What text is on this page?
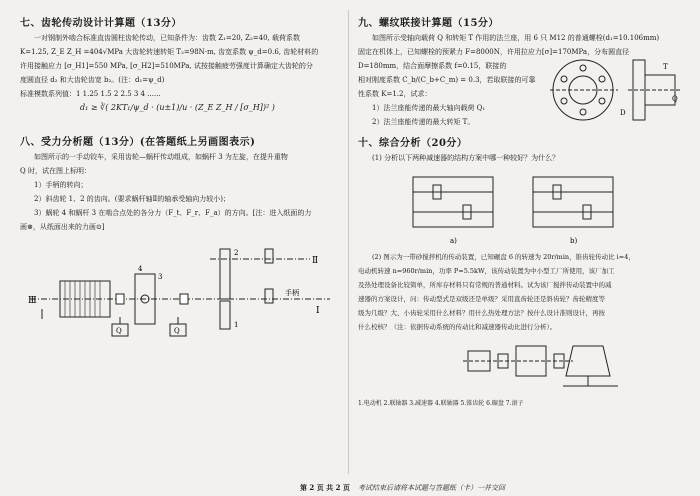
七、齿轮传动设计计算题（13分）

一对钢制外啮合标准直齿圆柱齿轮传动，已知条件为：齿数 Z₁=20, Z₂=40, 载荷系数

K=1.25, Z_E Z_H =404√MPa 大齿轮转速转矩 T₂=98N·m, 齿宽系数 ψ_d=0.6, 齿轮材料的

许用接触应力 [σ_H1]=550 MPa, [σ_H2]=510MPa, 试按接触疲劳强度计算确定大齿轮的分

度圆直径 d₂ 和大齿轮齿宽 b₂。(注：d₁=ψ_d)

标准模数系列值：1 1.25 1.5 2 2.5 3 4 ......

d₁ ≥ ∛( 2KT₁/ψ_d · (u±1)/u · (Z_E Z_H / [σ_H])² )
八、受力分析题（13分）(在答题纸上另画图表示)

如图所示的一手动铰车，采用齿轮—蜗杆传动组成，如蜗杆 3 为左旋，在提升重物

Q 时，试在图上标明：

1）手柄的转向；

2）斜齿轮 1、2 的齿向。(要求蜗杆轴Ⅱ的轴承受轴向力较小)；

3）蜗轮 4 和蜗杆 3 在啮合点处的各分力（F_t、F_r、F_a）的方向。[注：进入纸面的力

画⊗，从纸面出来的力画⊙]

Ⅲ
Ⅱ
Ⅰ
Q	Q
手柄
1
2
3
4
九、螺纹联接计算题（15分）

如图所示受轴向载荷 Q 和转矩 T 作用的法兰座，用 6 只 M12 的普通螺栓(d₁=10.106mm)

固定在机体上，已知螺栓的预紧力 F=8000N，许用拉应力[σ]=170MPa，分布圆直径

D=180mm，结合面摩擦系数 f=0.15，联接的

相对刚度系数 C_b/(C_b+C_m) = 0.3，若取联接的可靠

性系数 K=1.2，试求：

1）法兰座能传递的最大轴向载荷 Q₁

2）法兰座能传递的最大转矩 T。

D
T
Q
十、综合分析（20分）

(1) 分析以下两种减速器的结构方案中哪一种较好？为什么？

a)	b)

(2) 图示为一带砂搅拌机的传动装置，已知碾盘 6 的转速为 20r/min，锥齿轮传动比 i=4，

电动机转速 n=960r/min，功率 P=5.5kW，该传动装置为中小型工厂所使用，该厂加工

及热处理设备比较简单，所库存材料只有常规的普通材料。试为该厂搅拌传动装置中的减

速器的方案设计，问：传动型式是双级还是单级？采用直齿轮还是斜齿轮？齿轮精度等

级为几级？大、小齿轮采用什么材料？用什么热处理方法？按什么设计准则设计，再按

什么校核？（注：依据传动系统的传动比和减速器传动比进行分析）。

1.电动机 2.联轴器 3.减速器 4.联轴器 5.锥齿轮 6.碾盘 7.滚子
第 2 页 共 2 页 考试结束后请将本试题与答题纸（卡）一并交回
